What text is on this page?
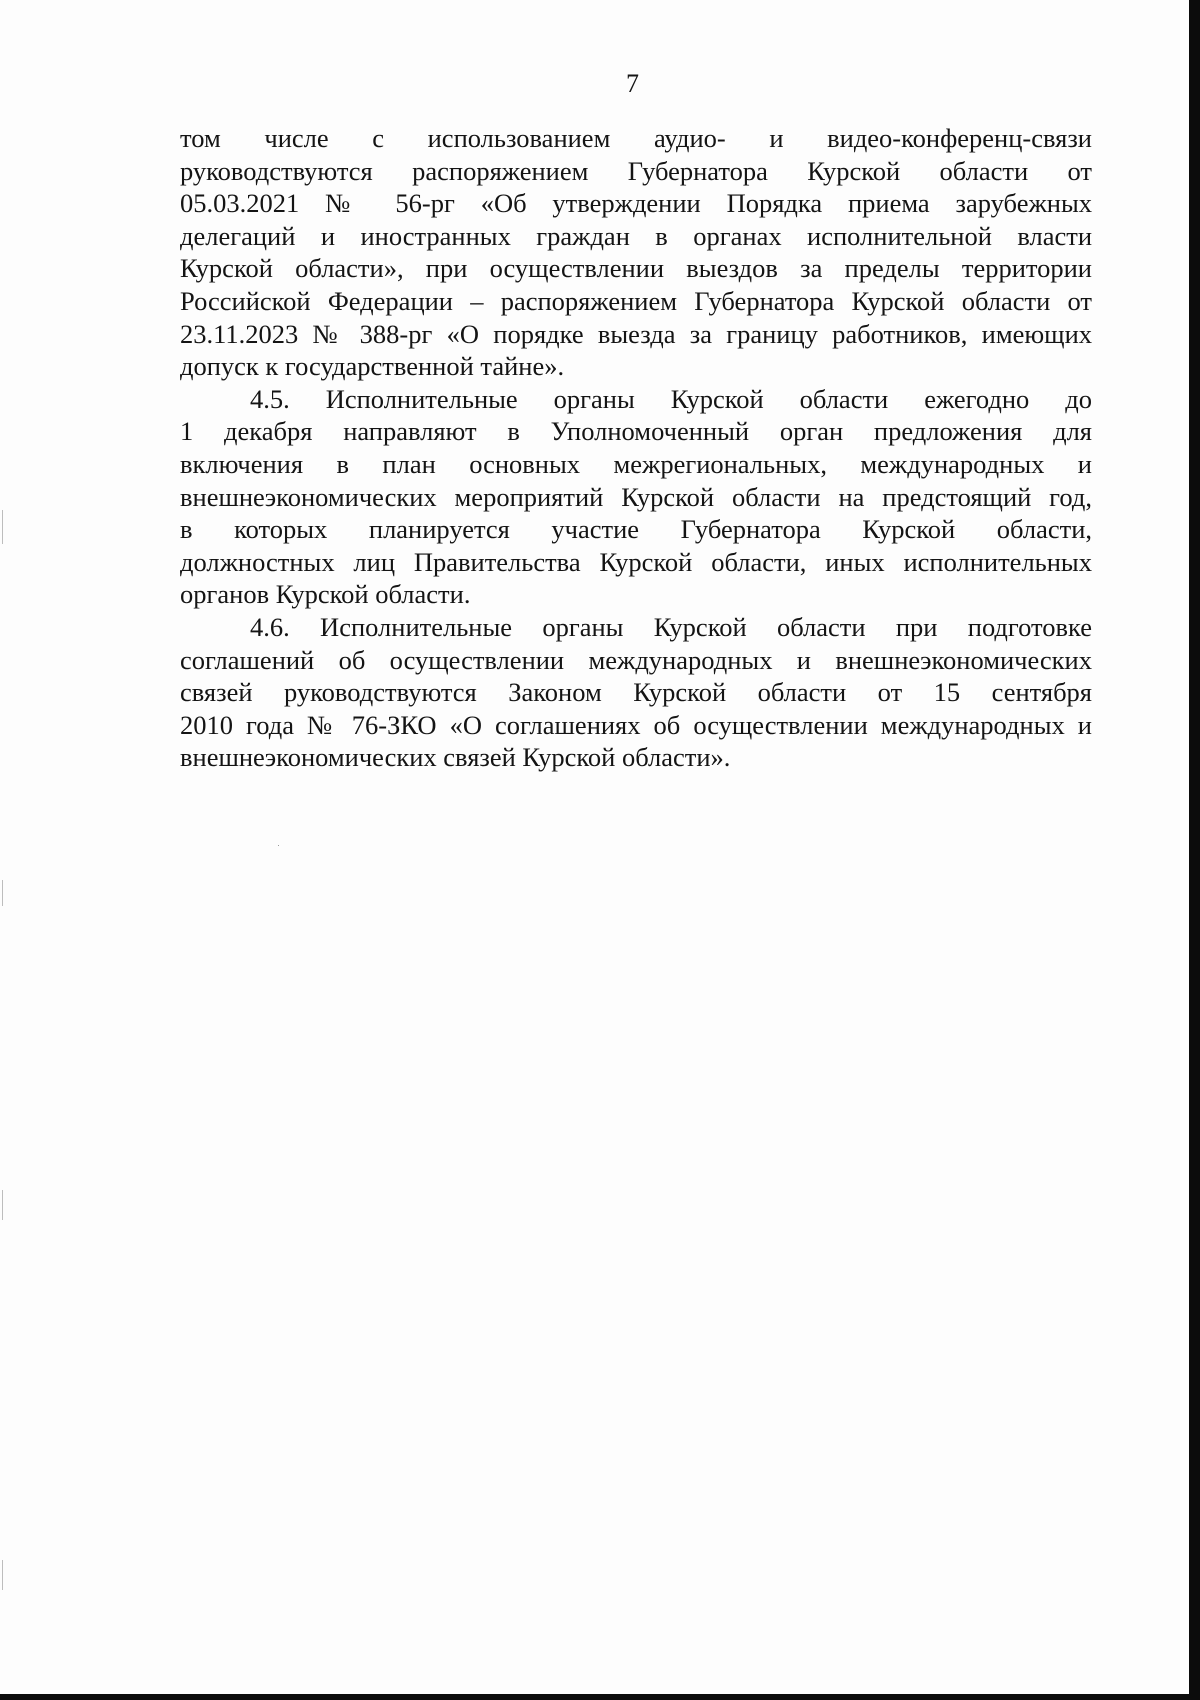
7
том числе с использованием аудио- и видео-конференц-связи
руководствуются распоряжением Губернатора Курской области от
05.03.2021 № 56-рг «Об утверждении Порядка приема зарубежных
делегаций и иностранных граждан в органах исполнительной власти
Курской области», при осуществлении выездов за пределы территории
Российской Федерации – распоряжением Губернатора Курской области от
23.11.2023 № 388-рг «О порядке выезда за границу работников, имеющих
допуск к государственной тайне».
4.5. Исполнительные органы Курской области ежегодно до
1 декабря направляют в Уполномоченный орган предложения для
включения в план основных межрегиональных, международных и
внешнеэкономических мероприятий Курской области на предстоящий год,
в которых планируется участие Губернатора Курской области,
должностных лиц Правительства Курской области, иных исполнительных
органов Курской области.
4.6. Исполнительные органы Курской области при подготовке
соглашений об осуществлении международных и внешнеэкономических
связей руководствуются Законом Курской области от 15 сентября
2010 года № 76-ЗКО «О соглашениях об осуществлении международных и
внешнеэкономических связей Курской области».
